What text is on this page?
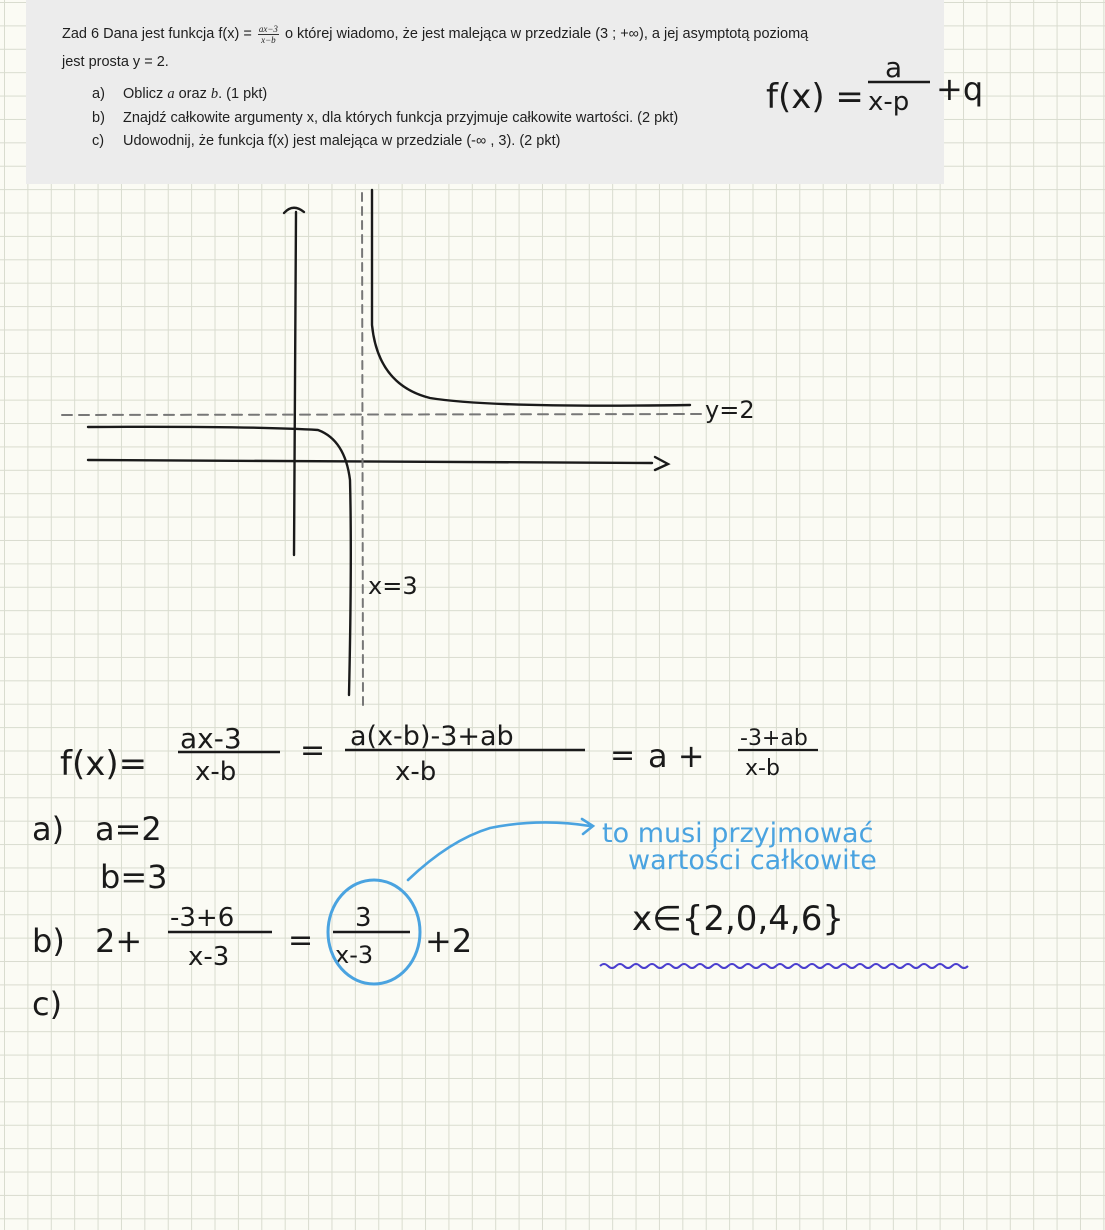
Zad 6 Dana jest funkcja $f(x) = \frac{ax-3}{x-b}$ o której wiadomo, że jest malejąca w przedziale (3 ; +∞), a jej asymptotą poziomą
jest prosta y = 2.
a)	Oblicz a oraz b. (1 pkt)
b)	Znajdź całkowite argumenty x, dla których funkcja przyjmuje całkowite wartości. (2 pkt)
c)	Udowodnij, że funkcja f(x) jest malejąca w przedziale (-∞ , 3). (2 pkt)
f(x) =
a
x-p +q
y=2
x=3
f(x)=
ax-3
x-b
= a(x-b)-3+ab
x-b	= a + -3+ab
x-b
a) a=2
b=3
b) 2+
-3+6
x-3 =
3
x-3 +2
c)
to musi przyjmować
wartości całkowite
x∈{2,0,4,6}
